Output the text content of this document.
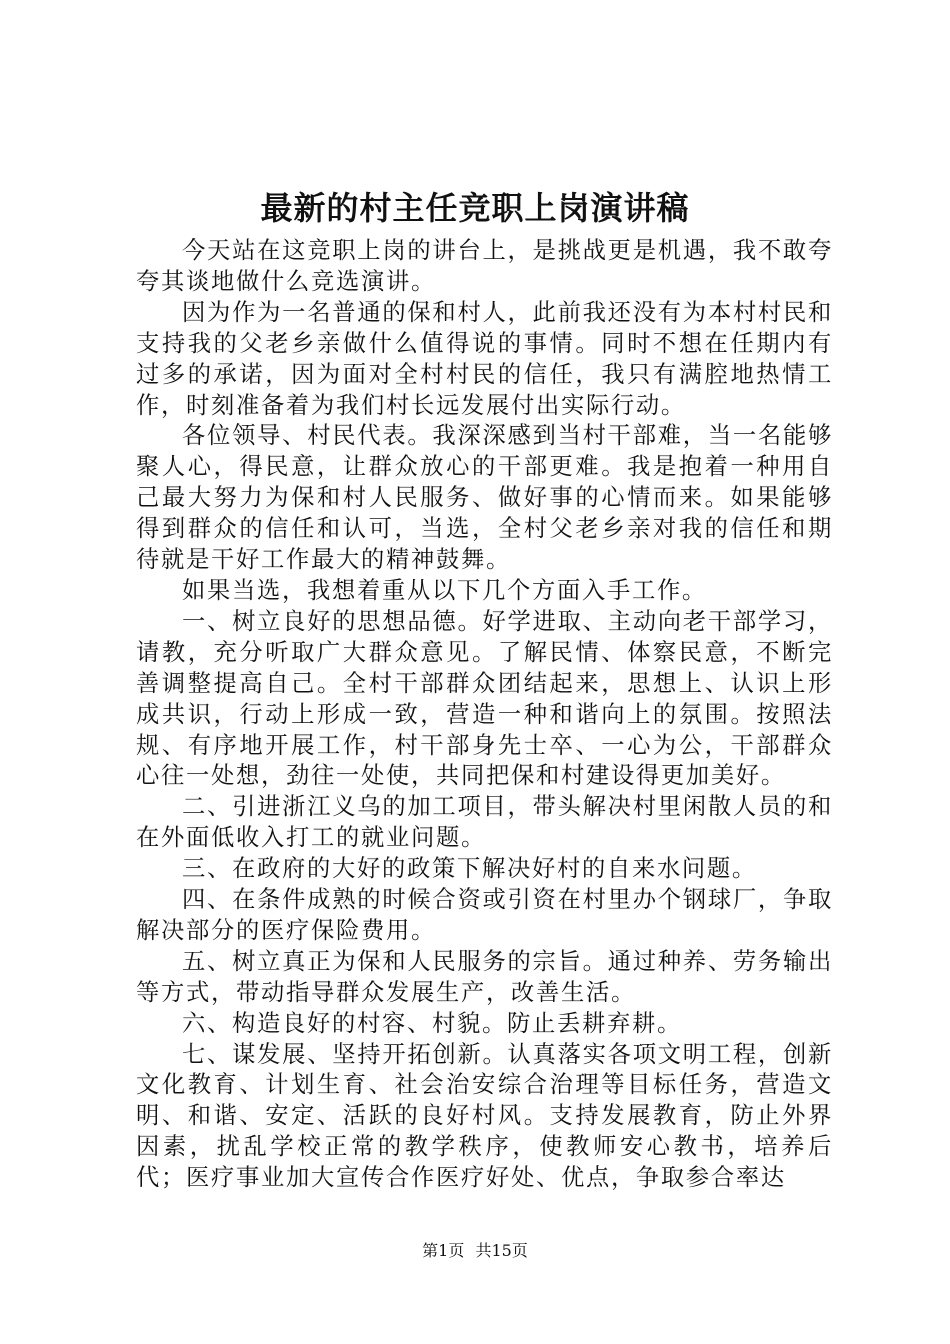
最新的村主任竞职上岗演讲稿

今天站在这竞职上岗的讲台上，是挑战更是机遇，我不敢夸夸其谈地做什么竞选演讲。

因为作为一名普通的保和村人，此前我还没有为本村村民和支持我的父老乡亲做什么值得说的事情。同时不想在任期内有过多的承诺，因为面对全村村民的信任，我只有满腔地热情工作，时刻准备着为我们村长远发展付出实际行动。

各位领导、村民代表。我深深感到当村干部难，当一名能够聚人心，得民意，让群众放心的干部更难。我是抱着一种用自己最大努力为保和村人民服务、做好事的心情而来。如果能够得到群众的信任和认可，当选，全村父老乡亲对我的信任和期待就是干好工作最大的精神鼓舞。

如果当选，我想着重从以下几个方面入手工作。

一、树立良好的思想品德。好学进取、主动向老干部学习，请教，充分听取广大群众意见。了解民情、体察民意，不断完善调整提高自己。全村干部群众团结起来，思想上、认识上形成共识，行动上形成一致，营造一种和谐向上的氛围。按照法规、有序地开展工作，村干部身先士卒、一心为公，干部群众心往一处想，劲往一处使，共同把保和村建设得更加美好。

二、引进浙江义乌的加工项目，带头解决村里闲散人员的和在外面低收入打工的就业问题。

三、在政府的大好的政策下解决好村的自来水问题。

四、在条件成熟的时候合资或引资在村里办个钢球厂，争取解决部分的医疗保险费用。

五、树立真正为保和人民服务的宗旨。通过种养、劳务输出等方式，带动指导群众发展生产，改善生活。

六、构造良好的村容、村貌。防止丢耕弃耕。

七、谋发展、坚持开拓创新。认真落实各项文明工程，创新文化教育、计划生育、社会治安综合治理等目标任务，营造文明、和谐、安定、活跃的良好村风。支持发展教育，防止外界因素，扰乱学校正常的教学秩序，使教师安心教书，培养后代；医疗事业加大宣传合作医疗好处、优点，争取参合率达

第1页 共15页
